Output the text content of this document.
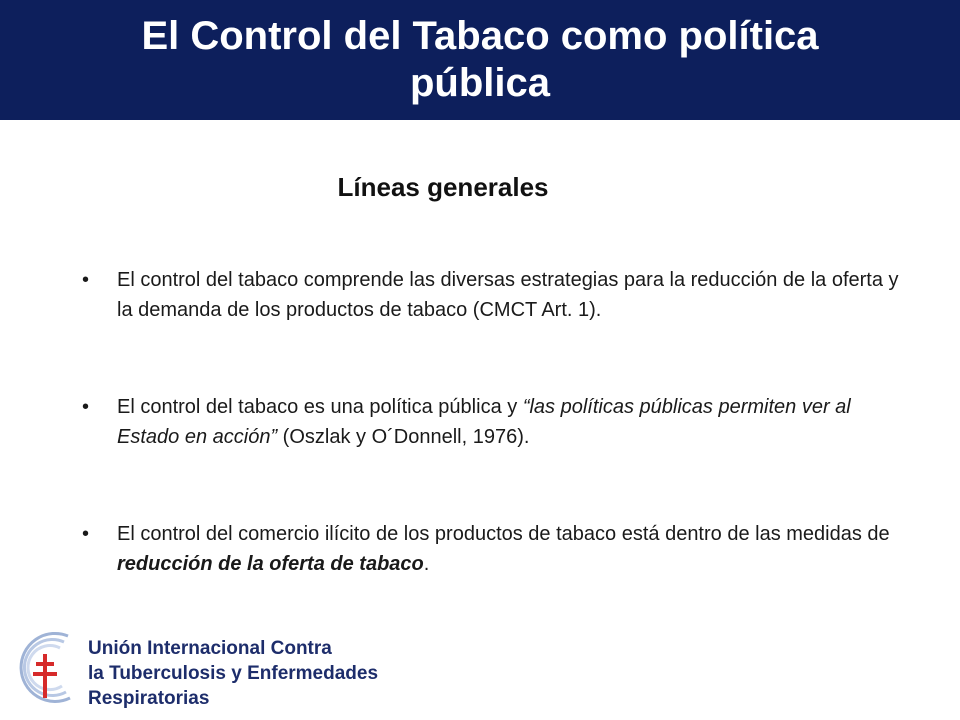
El Control del Tabaco como política pública
Líneas generales
• El control del tabaco comprende las diversas estrategias para la reducción de la oferta y la demanda de los productos de tabaco (CMCT Art. 1).
• El control del tabaco es una política pública y “las políticas públicas permiten ver al Estado en acción” (Oszlak y O´Donnell, 1976).
• El control del comercio ilícito de los productos de tabaco está dentro de las medidas de reducción de la oferta de tabaco.
Unión Internacional Contra
la Tuberculosis y Enfermedades Respiratorias
